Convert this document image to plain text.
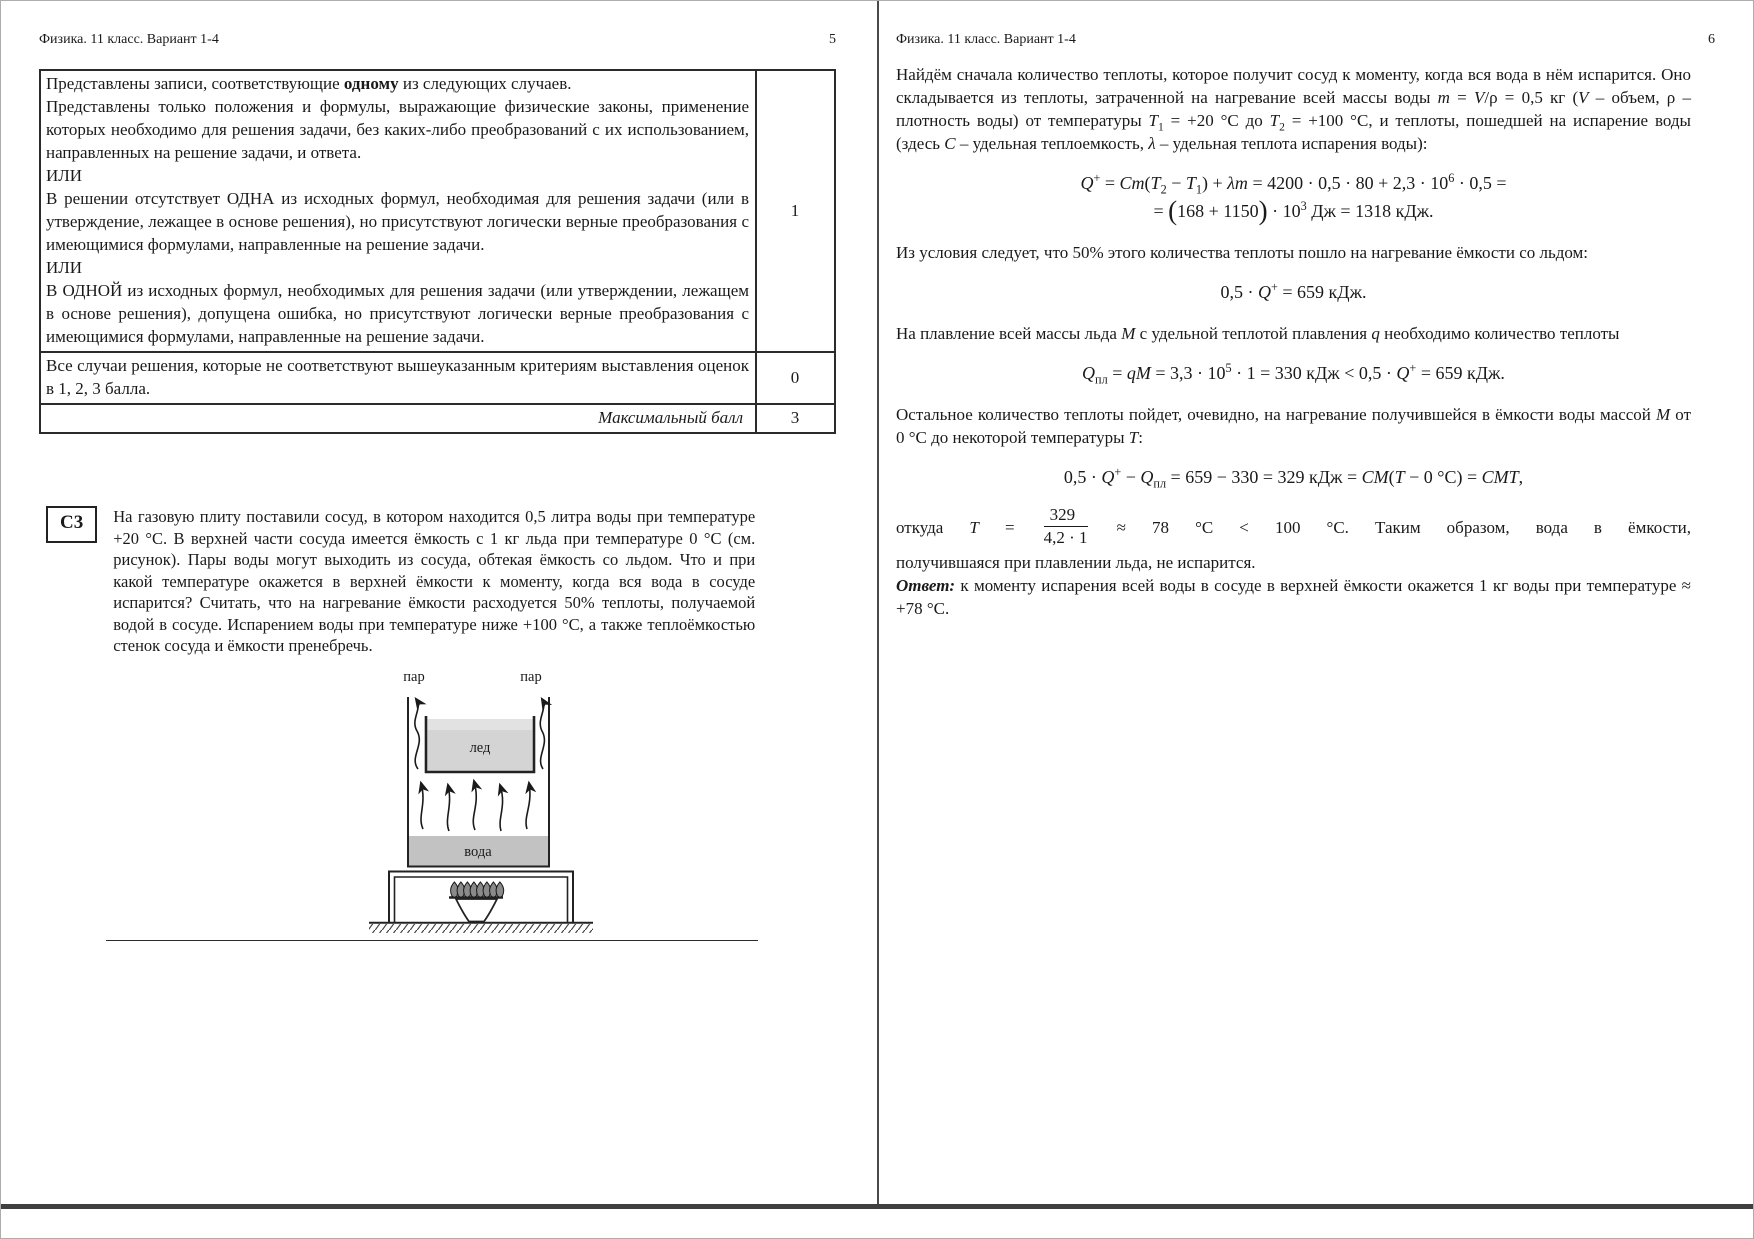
Физика. 11 класс. Вариант 1-4	5
Представлены записи, соответствующие одному из следующих случаев.
Представлены только положения и формулы, выражающие физические законы, применение которых необходимо для решения задачи, без каких-либо преобразований с их использованием, направленных на решение задачи, и ответа.
ИЛИ
В решении отсутствует ОДНА из исходных формул, необходимая для решения задачи (или в утверждение, лежащее в основе решения), но присутствуют логически верные преобразования с имеющимися формулами, направленные на решение задачи.
ИЛИ
В ОДНОЙ из исходных формул, необходимых для решения задачи (или утверждении, лежащем в основе решения), допущена ошибка, но присутствуют логически верные преобразования с имеющимися формулами, направленные на решение задачи.
	1
Все случаи решения, которые не соответствуют вышеуказанным критериям выставления оценок в 1, 2, 3 балла.	0
Максимальный балл	3
С3	На газовую плиту поставили сосуд, в котором находится 0,5 литра воды при температуре +20 °С. В верхней части сосуда имеется ёмкость с 1 кг льда при температуре 0 °С (см. рисунок). Пары воды могут выходить из сосуда, обтекая ёмкость со льдом. Что и при какой температуре окажется в верхней ёмкости к моменту, когда вся вода в сосуде испарится? Считать, что на нагревание ёмкости расходуется 50% теплоты, получаемой водой в сосуде. Испарением воды при температуре ниже +100 °С, а также теплоёмкостью стенок сосуда и ёмкости пренебречь.
пар	пар
лед
вода
Физика. 11 класс. Вариант 1-4	6
Найдём сначала количество теплоты, которое получит сосуд к моменту, когда вся вода в нём испарится. Оно складывается из теплоты, затраченной на нагревание всей массы воды m = V/ρ = 0,5 кг (V – объем, ρ – плотность воды) от температуры $T_1 = +20$ °С до $T_2 = +100$ °С, и теплоты, пошедшей на испарение воды (здесь C – удельная теплоемкость, λ – удельная теплота испарения воды):
$Q^+ = Cm(T_2 - T_1) + \lambda m = 4200 \cdot 0,5 \cdot 80 + 2,3 \cdot 10^6 \cdot 0,5$ =
= $(168 + 1150) \cdot 10^3$ Дж = 1318 кДж.
Из условия следует, что 50% этого количества теплоты пошло на нагревание ёмкости со льдом:
0,5 · Q+ = 659 кДж.
На плавление всей массы льда M с удельной теплотой плавления q необходимо количество теплоты
$Q_{пл}$ = qM = $3,3 \cdot 10^5 \cdot 1 = 330$ кДж < 0,5 · Q+ = 659 кДж.
Остальное количество теплоты пойдет, очевидно, на нагревание получившейся в ёмкости воды массой M от 0 °С до некоторой температуры T:
$0,5 \cdot Q^+ - Q_{пл} = 659 - 330 = 329$ кДж = CM(T − 0 °С) = CMT,
откуда $T = \frac{329}{4,2 \cdot 1} \approx 78$ °С < 100 °С. Таким образом, вода в ёмкости,
получившаяся при плавлении льда, не испарится.
Ответ: к моменту испарения всей воды в сосуде в верхней ёмкости окажется 1 кг воды при температуре ≈ +78 °С.
